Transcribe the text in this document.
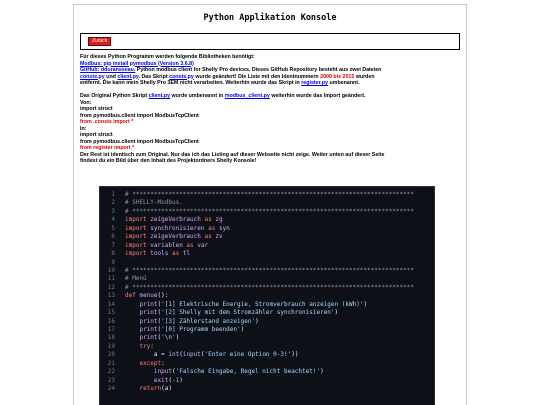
Python Applikation Konsole
Zurück
Für dieses Python Programm werden folgende Bibliotheken benötigt:
Modbus: pip install pymodbus (Version 3.6.8)
GitHub: dduransseau. Python modbus client for Shelly Pro devices. Dieses GitHub Repository besteht aus zwei Dateien
consts.py und client.py. Das Skript consts.py wurde geändert! Die Liste mit den Identnummern 2000 bis 2015 wurden
entfernt. Die kann mein Shelly Pro 3EM nicht verarbeiten. Weiterhin wurde das Skript in register.py umbenannt.
Das Original Python Skript client.py wurde umbenannt in modbus_client.py weiterhin wurde das Import geändert.
Von:
import struct
from pymodbus.client import ModbusTcpClient
from .consts import *
In:
import struct
from pymodbus.client import ModbusTcpClient
from register import *
Der Rest ist identisch zum Original. Nur das ich das Listing auf dieser Webseite nicht zeige. Weiter unten auf dieser Seite
findest du ein Bild über den Inhalt des Projektordners Shelly Konsole!
1 # ******************************************************************************
2 # SHELLY-Modbus.
3 # ******************************************************************************
4 import zeigeVerbrauch as zg
5 import synchronisieren as syn
6 import zeigeVerbrauch as zv
7 import variablen as var
8 import tools as tl
9
10 # ******************************************************************************
11 # Menü
12 # ******************************************************************************
13 def menue():
14	print('[1] Elektrische Energie, Stromverbrauch anzeigen (kWh)')
15	print('[2] Shelly mit dem Stromzähler synchronisieren')
16	print('[3] Zählerstand anzeigen')
17	print('[0] Programm beenden')
18	print('\n')
19	try:
20 a = int(input('Enter eine Option 0-3!'))
21	except:
22	input('Falsche Eingabe, Regel nicht beachtet!')
23	exit(-1)
24	return(a)
